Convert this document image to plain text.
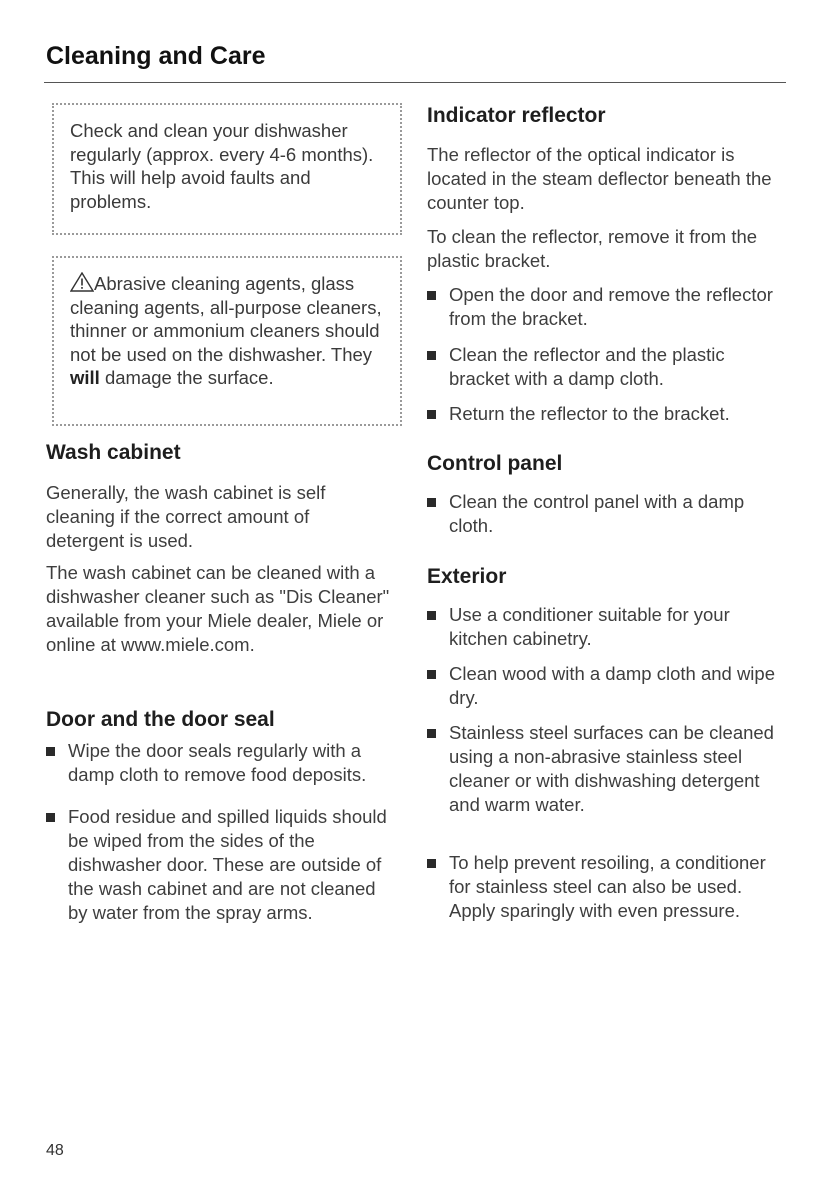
Cleaning and Care
Check and clean your dishwasher regularly (approx. every 4-6 months). This will help avoid faults and problems.
Abrasive cleaning agents, glass cleaning agents, all-purpose cleaners, thinner or ammonium cleaners should not be used on the dishwasher. They will damage the surface.
Wash cabinet
Generally, the wash cabinet is self cleaning if the correct amount of detergent is used.
The wash cabinet can be cleaned with a dishwasher cleaner such as "Dis Cleaner" available from your Miele dealer, Miele or online at www.miele.com.
Door and the door seal
Wipe the door seals regularly with a damp cloth to remove food deposits.
Food residue and spilled liquids should be wiped from the sides of the dishwasher door. These are outside of the wash cabinet and are not cleaned by water from the spray arms.
Indicator reflector
The reflector of the optical indicator is located in the steam deflector beneath the counter top.
To clean the reflector, remove it from the plastic bracket.
Open the door and remove the reflector from the bracket.
Clean the reflector and the plastic bracket with a damp cloth.
Return the reflector to the bracket.
Control panel
Clean the control panel with a damp cloth.
Exterior
Use a conditioner suitable for your kitchen cabinetry.
Clean wood with a damp cloth and wipe dry.
Stainless steel surfaces can be cleaned using a non-abrasive stainless steel cleaner or with dishwashing detergent and warm water.
To help prevent resoiling, a conditioner for stainless steel can also be used. Apply sparingly with even pressure.
48
